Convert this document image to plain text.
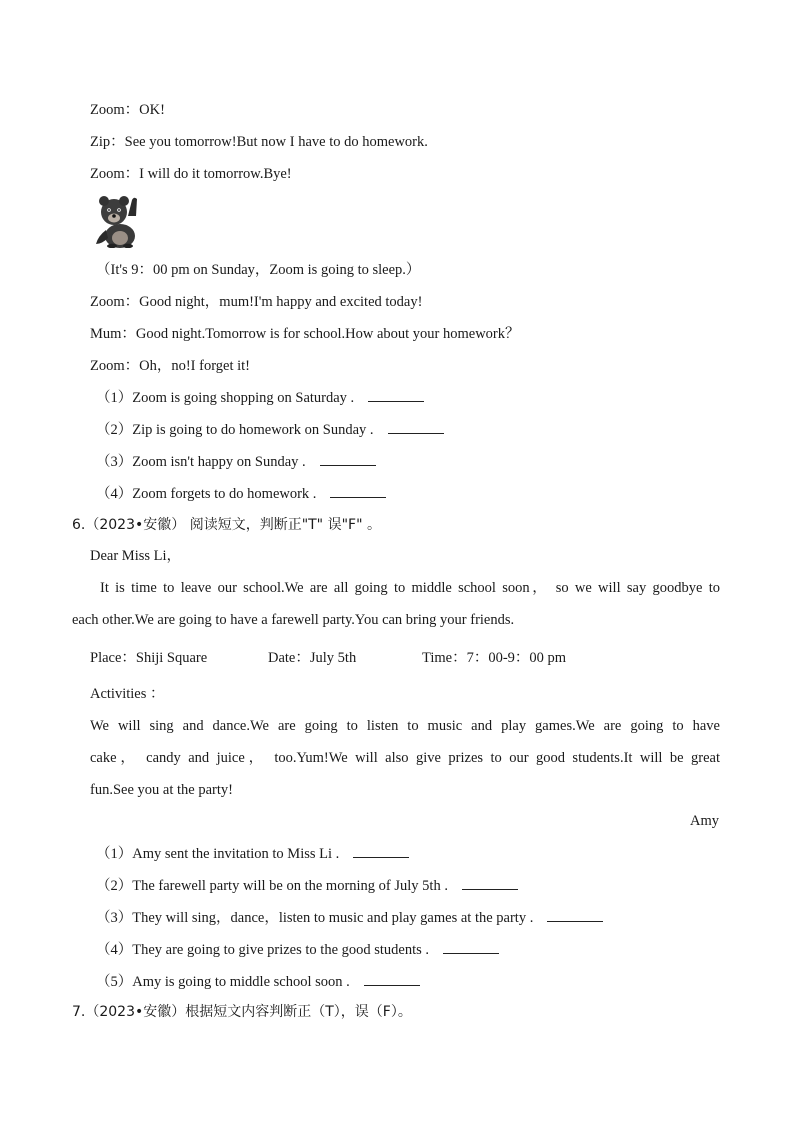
Zoom：OK!
Zip：See you tomorrow!But now I have to do homework.
Zoom：I will do it tomorrow.Bye!
（It's 9：00 pm on Sunday，Zoom is going to sleep.）
Zoom：Good night，mum!I'm happy and excited today!
Mum：Good night.Tomorrow is for school.How about your homework？
Zoom：Oh，no!I forget it!
（1）Zoom is going shopping on Saturday .
（2）Zip is going to do homework on Sunday .
（3）Zoom isn't happy on Sunday .
（4）Zoom forgets to do homework .
6.（2023•安徽） 阅读短文，判断正"T" 误"F" 。
Dear Miss Li，
It is time to leave our school.We are all going to middle school soon， so we will say goodbye to
each other.We are going to have a farewell party.You can bring your friends.
Place：Shiji Square	Date：July 5th	Time：7：00-9：00 pm
Activities ：
We will sing and dance.We are going to listen to music and play games.We are going to have
cake， candy and juice， too.Yum!We will also give prizes to our good students.It will be great
fun.See you at the party!
Amy
（1）Amy sent the invitation to Miss Li .
（2）The farewell party will be on the morning of July 5th .
（3）They will sing，dance，listen to music and play games at the party .
（4）They are going to give prizes to the good students .
（5）Amy is going to middle school soon .
7.（2023•安徽）根据短文内容判断正（T），误（F）。
